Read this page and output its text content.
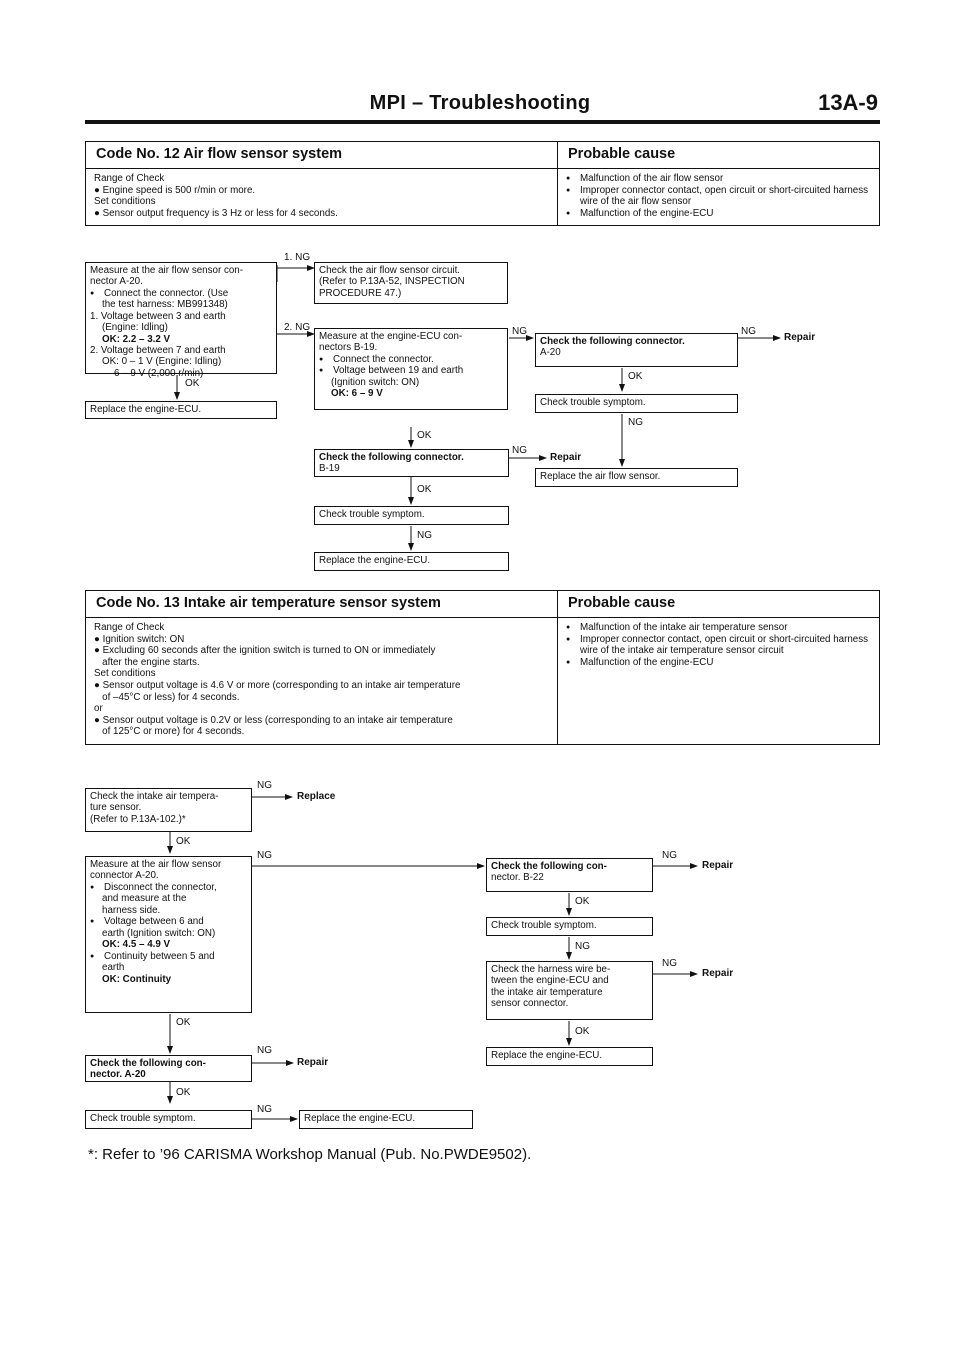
MPI – Troubleshooting	13A-9
Code No. 12 Air flow sensor system	Probable cause
Range of Check
● Engine speed is 500 r/min or more.
Set conditions
● Sensor output frequency is 3 Hz or less for 4 seconds.
● Malfunction of the air flow sensor
● Improper connector contact, open circuit or short-circuited harness wire of the air flow sensor
● Malfunction of the engine-ECU
Measure at the air flow sensor con-
nector A-20.
● Connect the connector. (Use
the test harness: MB991348)
1. Voltage between 3 and earth
(Engine: Idling)
OK: 2.2 – 3.2 V
2. Voltage between 7 and earth
OK: 0 – 1 V (Engine: Idling)
6 – 9 V (2,000 r/min)
OK
Replace the engine-ECU.
1. NG
2. NG
Check the air flow sensor circuit.
(Refer to P.13A-52, INSPECTION
PROCEDURE 47.)
Measure at the engine-ECU con-
nectors B-19.
● Connect the connector.
● Voltage between 19 and earth
(Ignition switch: ON)
OK: 6 – 9 V
OK
NG
Check the following connector.
B-19
NG
Repair
OK
Check trouble symptom.
NG
Replace the engine-ECU.
Check the following connector.
A-20
NG
Repair
OK
Check trouble symptom.
NG
Replace the air flow sensor.
Code No. 13 Intake air temperature sensor system	Probable cause
Range of Check
● Ignition switch: ON
● Excluding 60 seconds after the ignition switch is turned to ON or immediately
after the engine starts.
Set conditions
● Sensor output voltage is 4.6 V or more (corresponding to an intake air temperature
of –45°C or less) for 4 seconds.
or
● Sensor output voltage is 0.2V or less (corresponding to an intake air temperature
of 125°C or more) for 4 seconds.
● Malfunction of the intake air temperature sensor
● Improper connector contact, open circuit or short-circuited harness wire of the intake air temperature sensor circuit
● Malfunction of the engine-ECU
Check the intake air tempera-
ture sensor.
(Refer to P.13A-102.)*
NG
Replace
OK
Measure at the air flow sensor
connector A-20.
● Disconnect the connector,
and measure at the
harness side.
● Voltage between 6 and
earth (Ignition switch: ON)
OK: 4.5 – 4.9 V
● Continuity between 5 and
earth
OK: Continuity
NG
OK
Check the following con-
nector. A-20
NG
Repair
OK
Check trouble symptom.
NG
Replace the engine-ECU.
Check the following con-
nector. B-22
NG
Repair
OK
Check trouble symptom.
NG
Check the harness wire be-
tween the engine-ECU and
the intake air temperature
sensor connector.
NG
Repair
OK
Replace the engine-ECU.
*: Refer to ’96 CARISMA Workshop Manual (Pub. No.PWDE9502).
